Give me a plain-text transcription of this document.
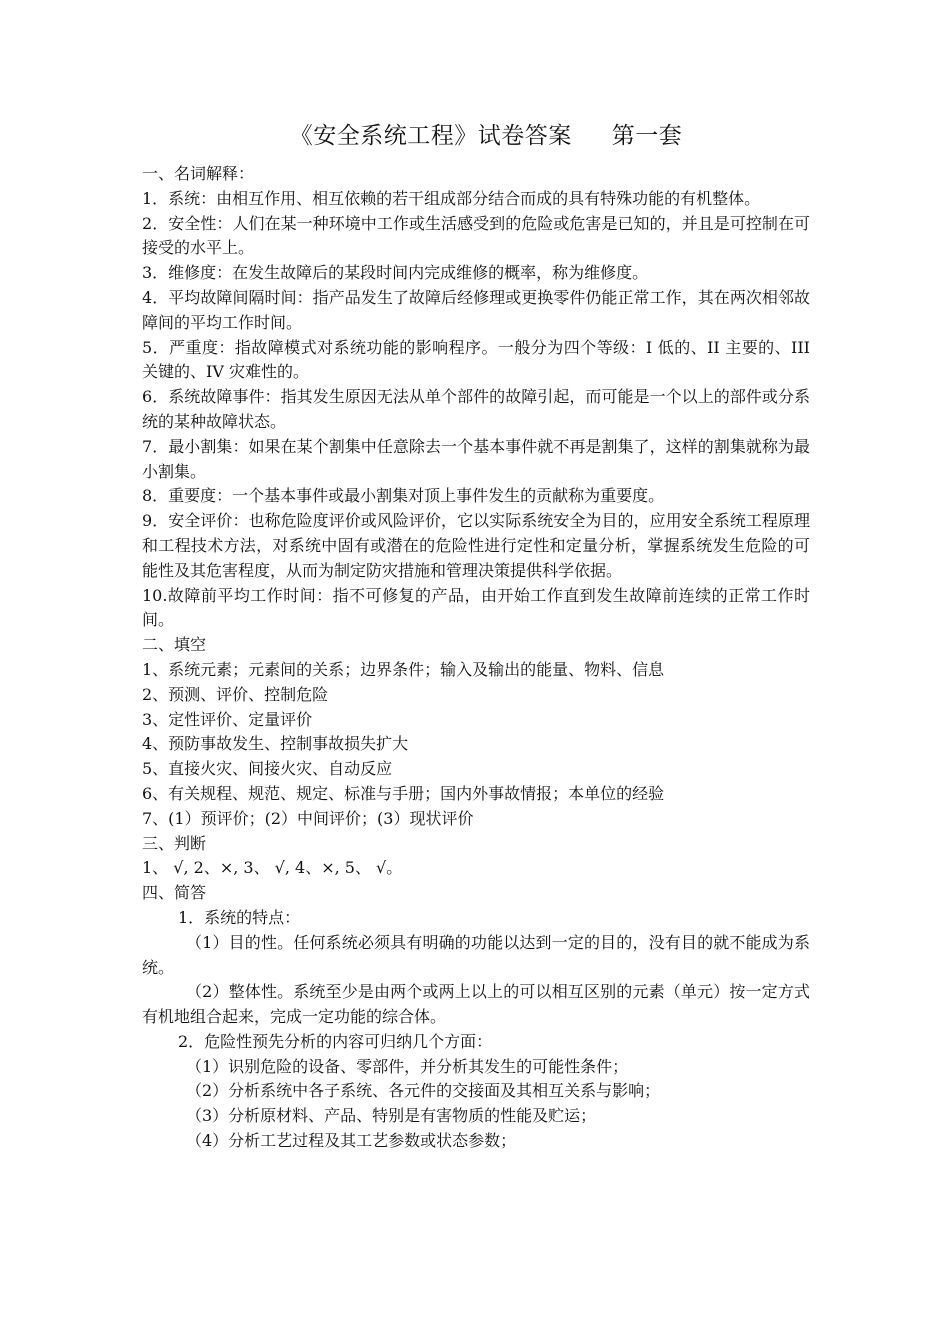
《安全系统工程》试卷答案 第一套

一、名词解释：

1．系统：由相互作用、相互依赖的若干组成部分结合而成的具有特殊功能的有机整体。

2．安全性：人们在某一种环境中工作或生活感受到的危险或危害是已知的，并且是可控制在可接受的水平上。

3．维修度：在发生故障后的某段时间内完成维修的概率，称为维修度。

4．平均故障间隔时间：指产品发生了故障后经修理或更换零件仍能正常工作，其在两次相邻故障间的平均工作时间。

5．严重度：指故障模式对系统功能的影响程序。一般分为四个等级：I 低的、II 主要的、III 关键的、IV 灾难性的。

6．系统故障事件：指其发生原因无法从单个部件的故障引起，而可能是一个以上的部件或分系统的某种故障状态。

7．最小割集：如果在某个割集中任意除去一个基本事件就不再是割集了，这样的割集就称为最小割集。

8．重要度：一个基本事件或最小割集对顶上事件发生的贡献称为重要度。

9．安全评价：也称危险度评价或风险评价，它以实际系统安全为目的，应用安全系统工程原理和工程技术方法，对系统中固有或潜在的危险性进行定性和定量分析，掌握系统发生危险的可能性及其危害程度，从而为制定防灾措施和管理决策提供科学依据。

10.故障前平均工作时间：指不可修复的产品，由开始工作直到发生故障前连续的正常工作时间。

二、填空

1、系统元素；元素间的关系；边界条件；输入及输出的能量、物料、信息

2、预测、评价、控制危险

3、定性评价、定量评价

4、预防事故发生、控制事故损失扩大

5、直接火灾、间接火灾、自动反应

6、有关规程、规范、规定、标准与手册；国内外事故情报；本单位的经验

7、(1）预评价；(2）中间评价；(3）现状评价

三、判断

1、 √, 2、×, 3、 √, 4、×, 5、 √。

四、简答

1．系统的特点：

（1）目的性。任何系统必须具有明确的功能以达到一定的目的，没有目的就不能成为系统。

（2）整体性。系统至少是由两个或两上以上的可以相互区别的元素（单元）按一定方式有机地组合起来，完成一定功能的综合体。

2．危险性预先分析的内容可归纳几个方面：

（1）识别危险的设备、零部件，并分析其发生的可能性条件；

（2）分析系统中各子系统、各元件的交接面及其相互关系与影响；

（3）分析原材料、产品、特别是有害物质的性能及贮运；

（4）分析工艺过程及其工艺参数或状态参数；
